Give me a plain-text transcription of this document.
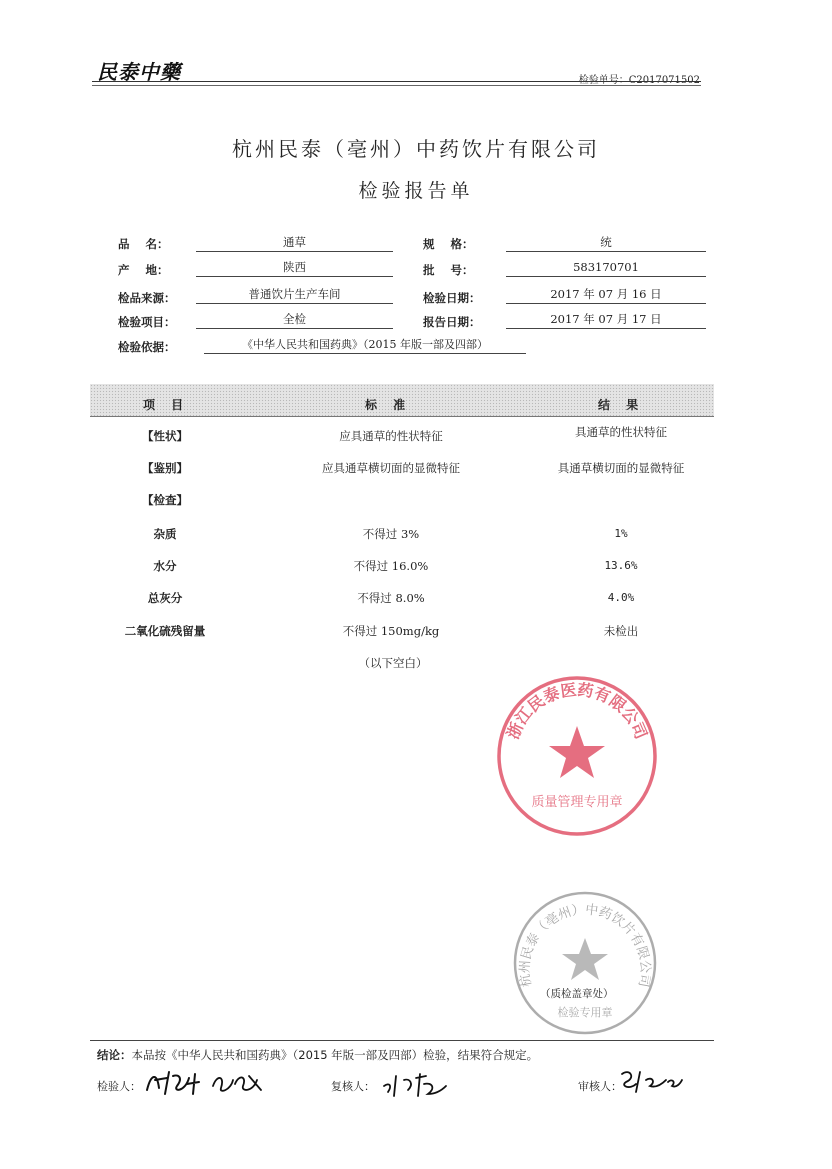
民泰中藥	检验单号：C2017071502
杭州民泰（亳州）中药饮片有限公司
检验报告单
品    名：	通草	规    格：	统
产    地：	陕西	批    号：	583170701
检品来源：	普通饮片生产车间	检验日期：	2017 年 07 月 16 日
检验项目：	全检	报告日期：	2017 年 07 月 17 日
检验依据：	《中华人民共和国药典》（2015 年版一部及四部）
项 目	标 准	结 果
【性状】	应具通草的性状特征	具通草的性状特征
【鉴别】	应具通草横切面的显微特征	具通草横切面的显微特征
【检查】
杂质	不得过 3%	1%
水分	不得过 16.0%	13.6%
总灰分	不得过 8.0%	4.0%
二氧化硫残留量	不得过 150mg/kg	未检出
（以下空白）
浙江民泰医药有限公司
质量管理专用章
杭州民泰（亳州）中药饮片有限公司
检验专用章
（质检盖章处）
结论：本品按《中华人民共和国药典》（2015 年版一部及四部）检验，结果符合规定。
检验人：	复核人：	审核人：
